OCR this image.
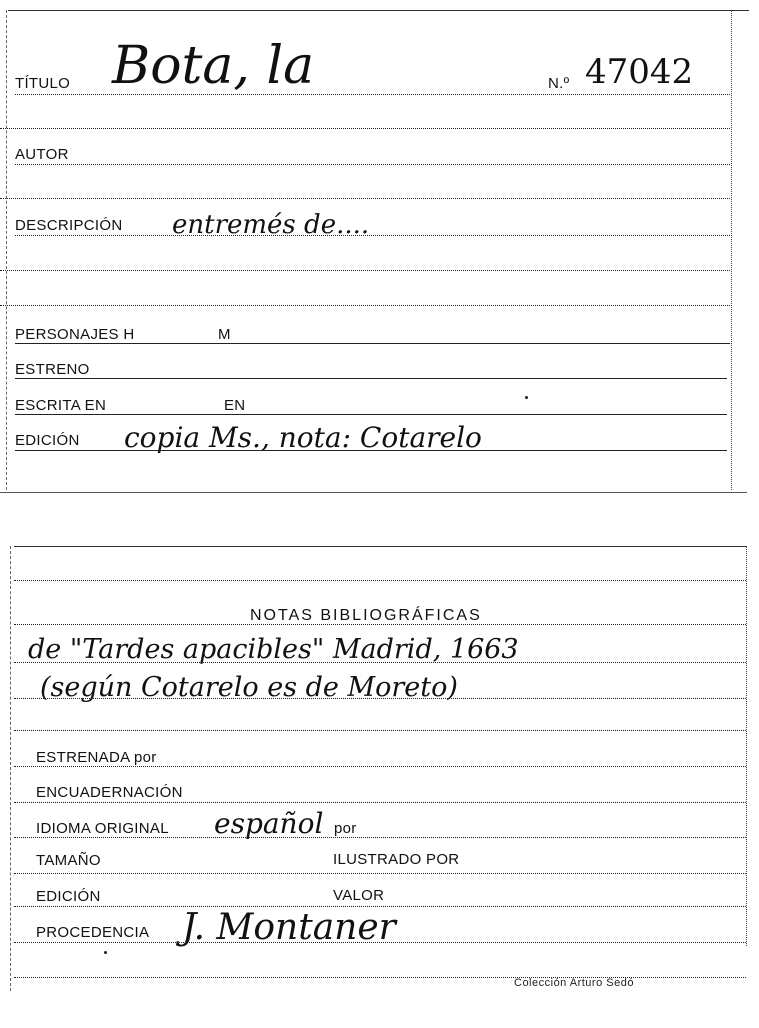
TÍTULO Bota, la	N.º 47042
AUTOR
DESCRIPCIÓN entremés de....
PERSONAJES H	M
ESTRENO
ESCRITA EN	EN
EDICIÓN copia Ms., nota: Cotarelo
NOTAS BIBLIOGRÁFICAS
de "Tardes apacibles" Madrid, 1663
(según Cotarelo es de Moreto)
ESTRENADA por
ENCUADERNACIÓN
IDIOMA ORIGINAL español por
TAMAÑO	ILUSTRADO POR
EDICIÓN	VALOR
PROCEDENCIA J. Montaner
Colección Arturo Sedó
